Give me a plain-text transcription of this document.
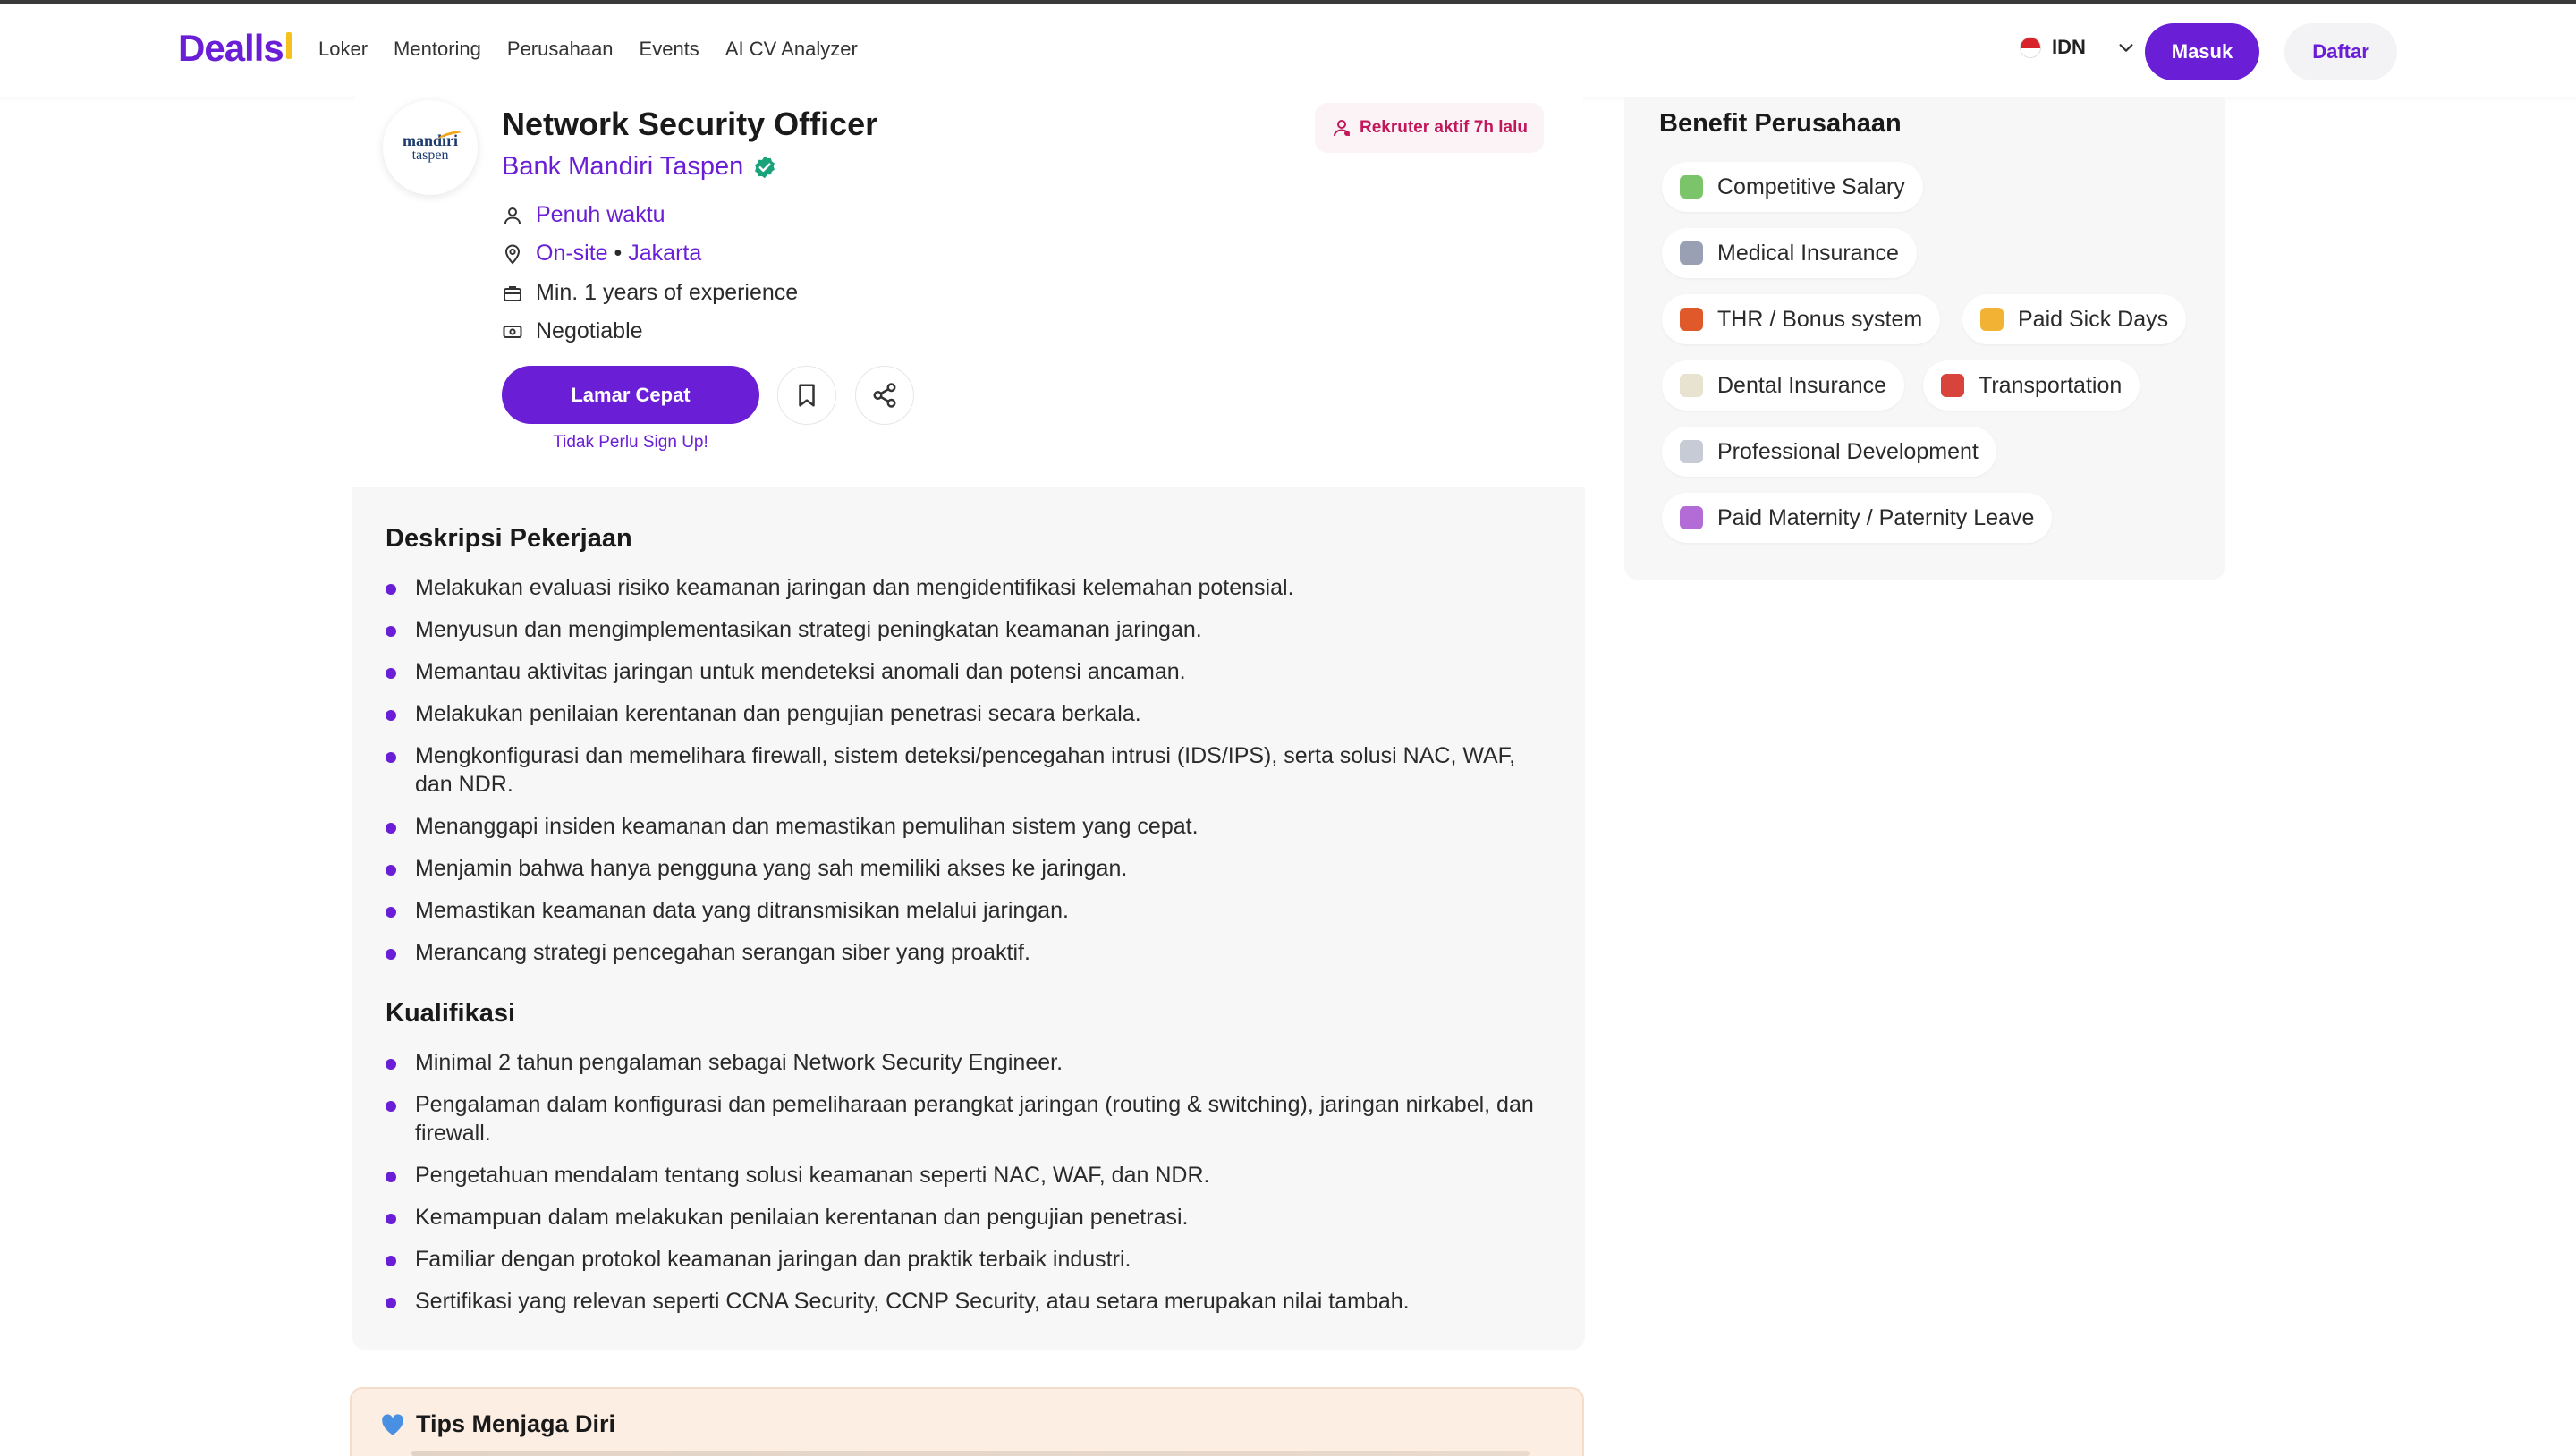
Dealls	Loker Mentoring Perusahaan Events AI CV Analyzer	IDN	Masuk	Daftar
mandiri
taspen
Network Security Officer
Bank Mandiri Taspen
Rekruter aktif 7h lalu
Penuh waktu
On-site • Jakarta
Min. 1 years of experience
Negotiable
Lamar Cepat
Tidak Perlu Sign Up!
Deskripsi Pekerjaan
Melakukan evaluasi risiko keamanan jaringan dan mengidentifikasi kelemahan potensial.
Menyusun dan mengimplementasikan strategi peningkatan keamanan jaringan.
Memantau aktivitas jaringan untuk mendeteksi anomali dan potensi ancaman.
Melakukan penilaian kerentanan dan pengujian penetrasi secara berkala.
Mengkonfigurasi dan memelihara firewall, sistem deteksi/pencegahan intrusi (IDS/IPS), serta solusi NAC, WAF, dan NDR.
Menanggapi insiden keamanan dan memastikan pemulihan sistem yang cepat.
Menjamin bahwa hanya pengguna yang sah memiliki akses ke jaringan.
Memastikan keamanan data yang ditransmisikan melalui jaringan.
Merancang strategi pencegahan serangan siber yang proaktif.
Kualifikasi
Minimal 2 tahun pengalaman sebagai Network Security Engineer.
Pengalaman dalam konfigurasi dan pemeliharaan perangkat jaringan (routing & switching), jaringan nirkabel, dan firewall.
Pengetahuan mendalam tentang solusi keamanan seperti NAC, WAF, dan NDR.
Kemampuan dalam melakukan penilaian kerentanan dan pengujian penetrasi.
Familiar dengan protokol keamanan jaringan dan praktik terbaik industri.
Sertifikasi yang relevan seperti CCNA Security, CCNP Security, atau setara merupakan nilai tambah.
Tips Menjaga Diri
Benefit Perusahaan
Competitive Salary
Medical Insurance
THR / Bonus system	Paid Sick Days
Dental Insurance	Transportation
Professional Development
Paid Maternity / Paternity Leave
